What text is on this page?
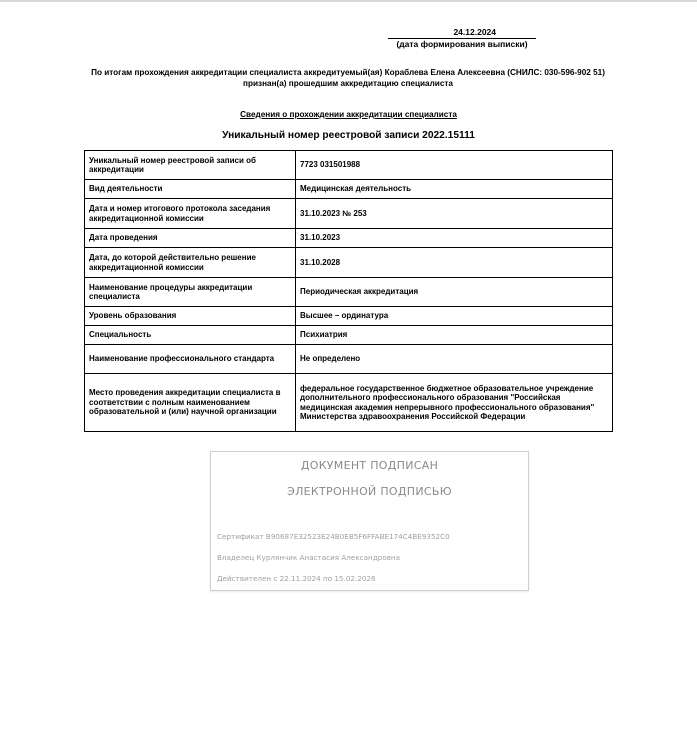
24.12.2024
(дата формирования выписки)
По итогам прохождения аккредитации специалиста аккредитуемый(ая) Кораблева Елена Алексеевна (СНИЛС: 030-596-902 51) признан(а) прошедшим аккредитацию специалиста
Сведения о прохождении аккредитации специалиста
Уникальный номер реестровой записи 2022.15111
Уникальный номер реестровой записи об аккредитации	7723 031501988
Вид деятельности	Медицинская деятельность
Дата и номер итогового протокола заседания аккредитационной комиссии	31.10.2023 № 253
Дата проведения	31.10.2023
Дата, до которой действительно решение аккредитационной комиссии	31.10.2028
Наименование процедуры аккредитации специалиста	Периодическая аккредитация
Уровень образования	Высшее – ординатура
Специальность	Психиатрия
Наименование профессионального стандарта	Не определено
Место проведения аккредитации специалиста в соответствии с полным наименованием образовательной и (или) научной организации	федеральное государственное бюджетное образовательное учреждение дополнительного профессионального образования "Российская медицинская академия непрерывного профессионального образования" Министерства здравоохранения Российской Федерации
ДОКУМЕНТ ПОДПИСАН
ЭЛЕКТРОННОЙ ПОДПИСЬЮ
Сертификат B90687E32523E24B0EB5F6FFABE174C4BE9352C0
Владелец Курлянчик Анастасия Александровна
Действителен с 22.11.2024 по 15.02.2026
